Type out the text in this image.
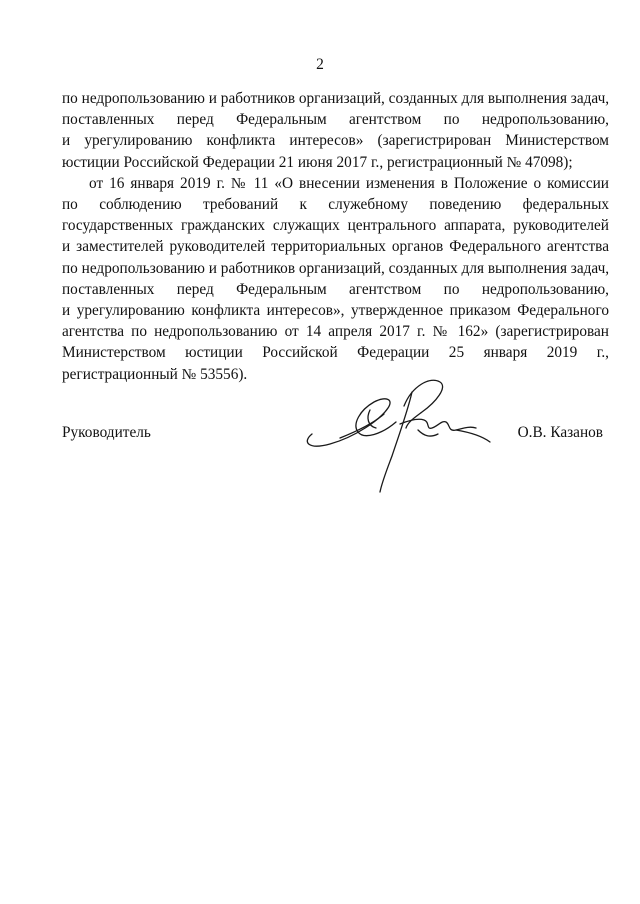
2
по недропользованию и работников организаций, созданных для выполнения задач,
поставленных перед Федеральным агентством по недропользованию,
и урегулированию конфликта интересов» (зарегистрирован Министерством
юстиции Российской Федерации 21 июня 2017 г., регистрационный № 47098);
от 16 января 2019 г. № 11 «О внесении изменения в Положение о комиссии
по соблюдению требований к служебному поведению федеральных
государственных гражданских служащих центрального аппарата, руководителей
и заместителей руководителей территориальных органов Федерального агентства
по недропользованию и работников организаций, созданных для выполнения задач,
поставленных перед Федеральным агентством по недропользованию,
и урегулированию конфликта интересов», утвержденное приказом Федерального
агентства по недропользованию от 14 апреля 2017 г. № 162» (зарегистрирован
Министерством юстиции Российской Федерации 25 января 2019 г.,
регистрационный № 53556).
Руководитель	О.В. Казанов
